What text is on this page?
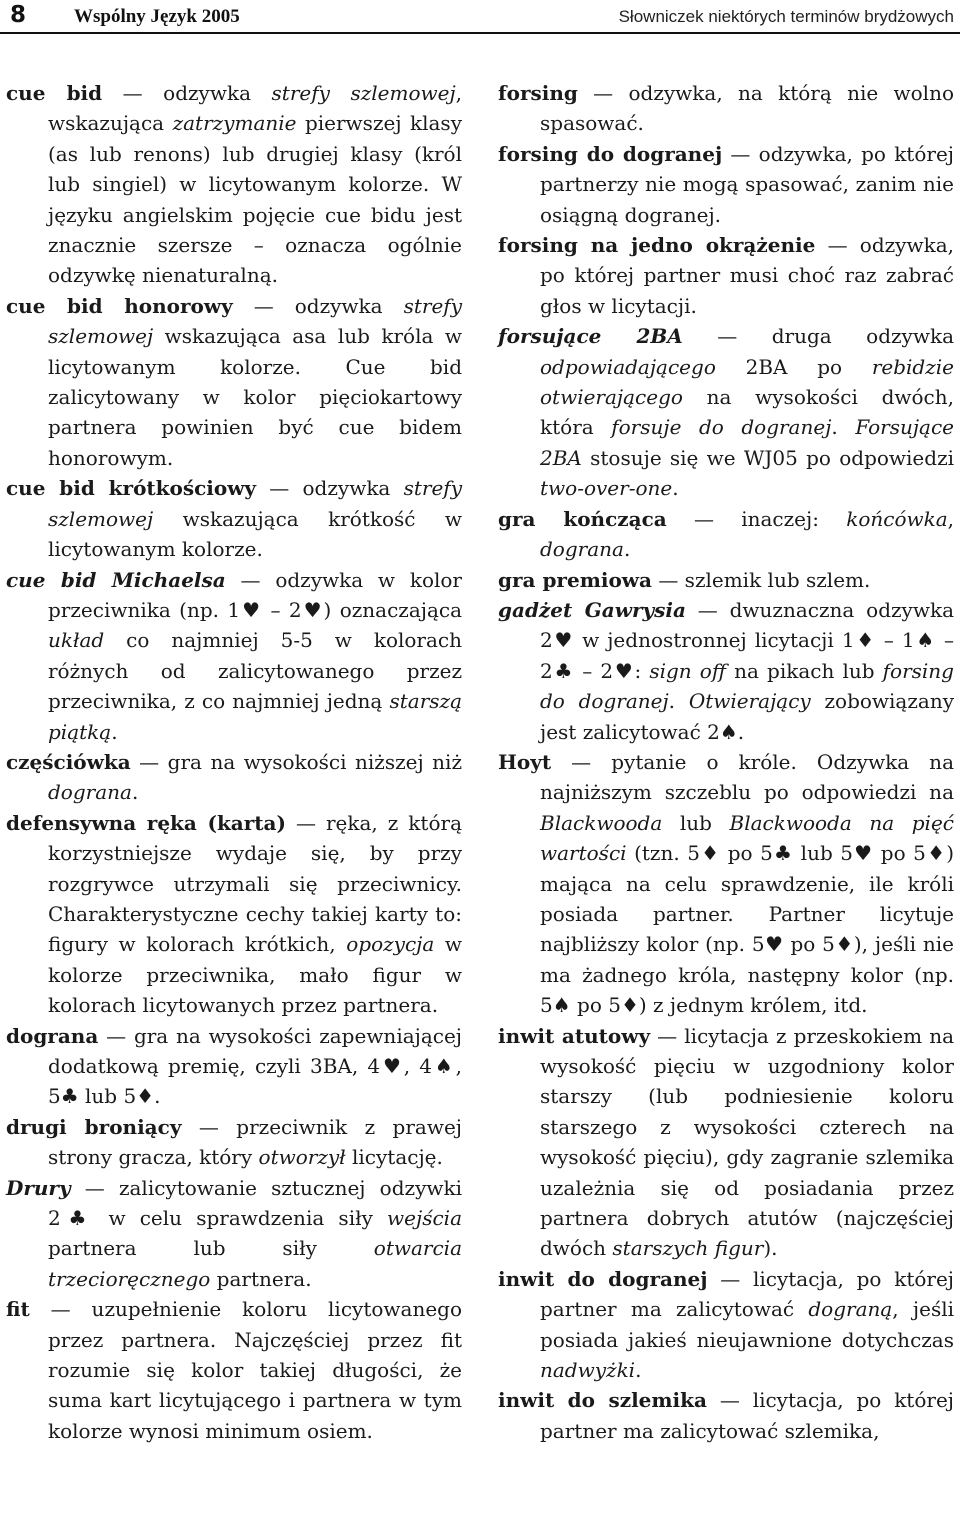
8	Wspólny Język 2005	Słowniczek niektórych terminów brydżowych

cue bid — odzywka strefy szlemowej, wskazująca zatrzymanie pierwszej klasy (as lub renons) lub drugiej klasy (król lub singiel) w licytowanym kolorze. W języku angielskim pojęcie cue bidu jest znacznie szersze – oznacza ogólnie odzywkę nienaturalną.

cue bid honorowy — odzywka strefy szlemowej wskazująca asa lub króla w licytowanym kolorze. Cue bid zalicytowany w kolor pięciokartowy partnera powinien być cue bidem honorowym.

cue bid krótkościowy — odzywka strefy szlemowej wskazująca krótkość w licytowanym kolorze.

cue bid Michaelsa — odzywka w kolor przeciwnika (np. 1♥ – 2♥) oznaczająca układ co najmniej 5-5 w kolorach różnych od zalicytowanego przez przeciwnika, z co najmniej jedną starszą piątką.

częściówka — gra na wysokości niższej niż dograna.

defensywna ręka (karta) — ręka, z którą korzystniejsze wydaje się, by przy rozgrywce utrzymali się przeciwnicy. Charakterystyczne cechy takiej karty to: figury w kolorach krótkich, opozycja w kolorze przeciwnika, mało figur w kolorach licytowanych przez partnera.

dograna — gra na wysokości zapewniającej dodatkową premię, czyli 3BA, 4♥, 4♠, 5♣ lub 5♦.

drugi broniący — przeciwnik z prawej strony gracza, który otworzył licytację.

Drury — zalicytowanie sztucznej odzywki 2♣ w celu sprawdzenia siły wejścia partnera lub siły otwarcia trzecioręcznego partnera.

fit — uzupełnienie koloru licytowanego przez partnera. Najczęściej przez fit rozumie się kolor takiej długości, że suma kart licytującego i partnera w tym kolorze wynosi minimum osiem.

forsing — odzywka, na którą nie wolno spasować.

forsing do dogranej — odzywka, po której partnerzy nie mogą spasować, zanim nie osiągną dogranej.

forsing na jedno okrążenie — odzywka, po której partner musi choć raz zabrać głos w licytacji.

forsujące 2BA — druga odzywka odpowiadającego 2BA po rebidzie otwierającego na wysokości dwóch, która forsuje do dogranej. Forsujące 2BA stosuje się we WJ05 po odpowiedzi two-over-one.

gra kończąca — inaczej: końcówka, dograna.

gra premiowa — szlemik lub szlem.

gadżet Gawrysia — dwuznaczna odzywka 2♥ w jednostronnej licytacji 1♦ – 1♠ – 2♣ – 2♥: sign off na pikach lub forsing do dogranej. Otwierający zobowiązany jest zalicytować 2♠.

Hoyt — pytanie o króle. Odzywka na najniższym szczeblu po odpowiedzi na Blackwooda lub Blackwooda na pięć wartości (tzn. 5♦ po 5♣ lub 5♥ po 5♦) mająca na celu sprawdzenie, ile króli posiada partner. Partner licytuje najbliższy kolor (np. 5♥ po 5♦), jeśli nie ma żadnego króla, następny kolor (np. 5♠ po 5♦) z jednym królem, itd.

inwit atutowy — licytacja z przeskokiem na wysokość pięciu w uzgodniony kolor starszy (lub podniesienie koloru starszego z wysokości czterech na wysokość pięciu), gdy zagranie szlemika uzależnia się od posiadania przez partnera dobrych atutów (najczęściej dwóch starszych figur).

inwit do dogranej — licytacja, po której partner ma zalicytować dograną, jeśli posiada jakieś nieujawnione dotychczas nadwyżki.

inwit do szlemika — licytacja, po której partner ma zalicytować szlemika,
